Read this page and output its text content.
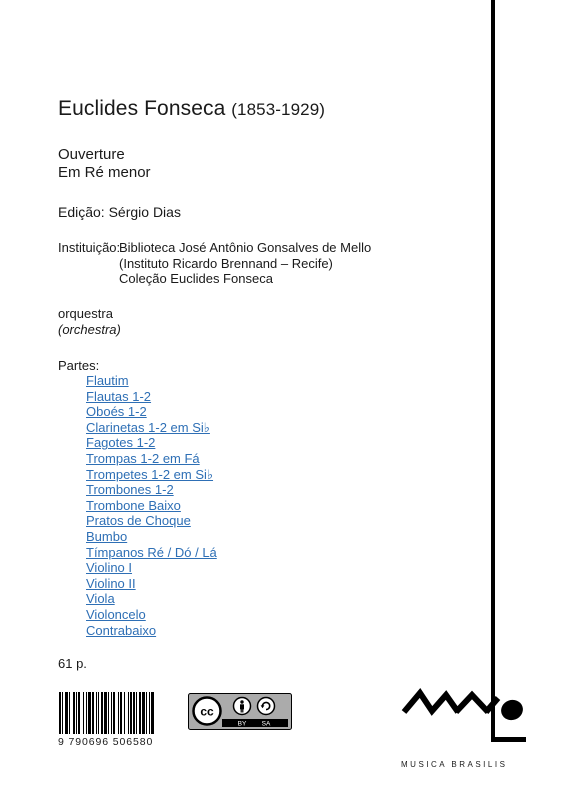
Euclides Fonseca (1853-1929)
Ouverture
Em Ré menor
Edição: Sérgio Dias
Instituição:
Biblioteca José Antônio Gonsalves de Mello
(Instituto Ricardo Brennand – Recife)
Coleção Euclides Fonseca
orquestra
(orchestra)
Partes:
Flautim
Flautas 1-2
Oboés 1-2
Clarinetas 1-2 em Si♭
Fagotes 1-2
Trompas 1-2 em Fá
Trompetes 1-2 em Si♭
Trombones 1-2
Trombone Baixo
Pratos de Choque
Bumbo
Tímpanos Ré / Dó / Lá
Violino I
Violino II
Viola
Violoncelo
Contrabaixo
61 p.
9 790696 506580
cc
BY SA
MUSICA BRASILIS
